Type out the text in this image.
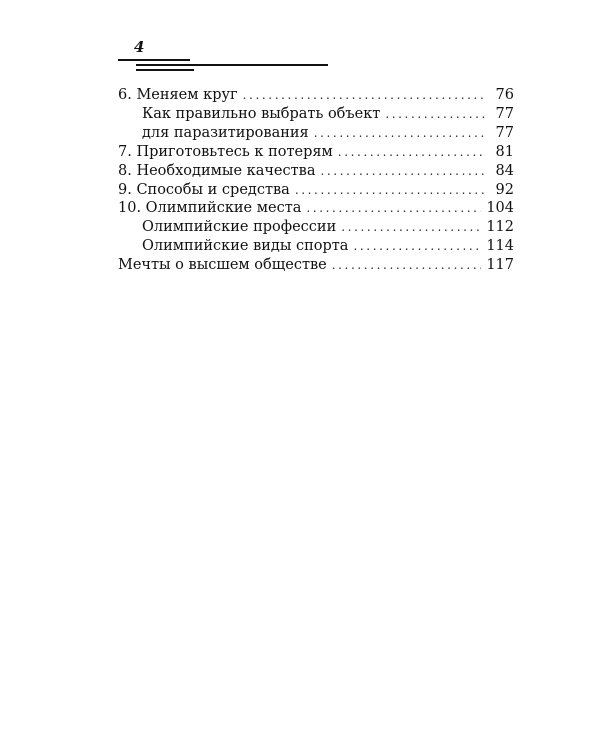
4
6. Меняем круг .....	76
Как правильно выбрать объект .....	77
для паразитирования .....	77
7. Приготовьтесь к потерям .....	81
8. Необходимые качества .....	84
9. Способы и средства .....	92
10. Олимпийские места .....	104
Олимпийские профессии .....	112
Олимпийские виды спорта .....	114
Мечты о высшем обществе .....	117
